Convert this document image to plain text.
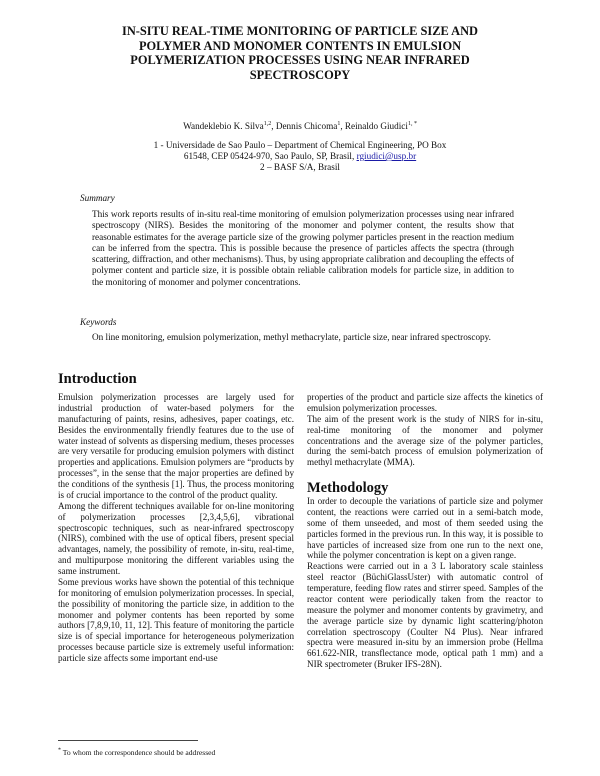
IN-SITU REAL-TIME MONITORING OF PARTICLE SIZE AND POLYMER AND MONOMER CONTENTS IN EMULSION POLYMERIZATION PROCESSES USING NEAR INFRARED SPECTROSCOPY
Wandeklebio K. Silva$^{1,2}$, Dennis Chicoma$^1$, Reinaldo Giudici$^{1, *}$
1 - Universidade de Sao Paulo – Department of Chemical Engineering, PO Box
61548, CEP 05424-970, Sao Paulo, SP, Brasil, rgiudici@usp.br
2 – BASF S/A, Brasil
Summary
This work reports results of in-situ real-time monitoring of emulsion polymerization processes using near infrared spectroscopy (NIRS). Besides the monitoring of the monomer and polymer content, the results show that reasonable estimates for the average particle size of the growing polymer particles present in the reaction medium can be inferred from the spectra. This is possible because the presence of particles affects the spectra (through scattering, diffraction, and other mechanisms). Thus, by using appropriate calibration and decoupling the effects of polymer content and particle size, it is possible obtain reliable calibration models for particle size, in addition to the monitoring of monomer and polymer concentrations.
Keywords
On line monitoring, emulsion polymerization, methyl methacrylate, particle size, near infrared spectroscopy.
Introduction

Emulsion polymerization processes are largely used for industrial production of water-based polymers for the manufacturing of paints, resins, adhesives, paper coatings, etc. Besides the environmentally friendly features due to the use of water instead of solvents as dispersing medium, theses processes are very versatile for producing emulsion polymers with distinct properties and applications. Emulsion polymers are “products by processes”, in the sense that the major properties are defined by the conditions of the synthesis [1]. Thus, the process monitoring is of crucial importance to the control of the product quality.

Among the different techniques available for on-line monitoring of polymerization processes [2,3,4,5,6], vibrational spectroscopic techniques, such as near-infrared spectroscopy (NIRS), combined with the use of optical fibers, present special advantages, namely, the possibility of remote, in-situ, real-time, and multipurpose monitoring the different variables using the same instrument.

Some previous works have shown the potential of this technique for monitoring of emulsion polymerization processes. In special, the possibility of monitoring the particle size, in addition to the monomer and polymer contents has been reported by some authors [7,8,9,10, 11, 12]. This feature of monitoring the particle size is of special importance for heterogeneous polymerization processes because particle size is extremely useful information: particle size affects some important end-use

properties of the product and particle size affects the kinetics of emulsion polymerization processes.

The aim of the present work is the study of NIRS for in-situ, real-time monitoring of the monomer and polymer concentrations and the average size of the polymer particles, during the semi-batch process of emulsion polymerization of methyl methacrylate (MMA).

Methodology

In order to decouple the variations of particle size and polymer content, the reactions were carried out in a semi-batch mode, some of them unseeded, and most of them seeded using the particles formed in the previous run. In this way, it is possible to have particles of increased size from one run to the next one, while the polymer concentration is kept on a given range.

Reactions were carried out in a 3 L laboratory scale stainless steel reactor (BüchiGlassUster) with automatic control of temperature, feeding flow rates and stirrer speed. Samples of the reactor content were periodically taken from the reactor to measure the polymer and monomer contents by gravimetry, and the average particle size by dynamic light scattering/photon correlation spectroscopy (Coulter N4 Plus). Near infrared spectra were measured in-situ by an immersion probe (Hellma 661.622-NIR, transflectance mode, optical path 1 mm) and a NIR spectrometer (Bruker IFS-28N).

* To whom the correspondence should be addressed
